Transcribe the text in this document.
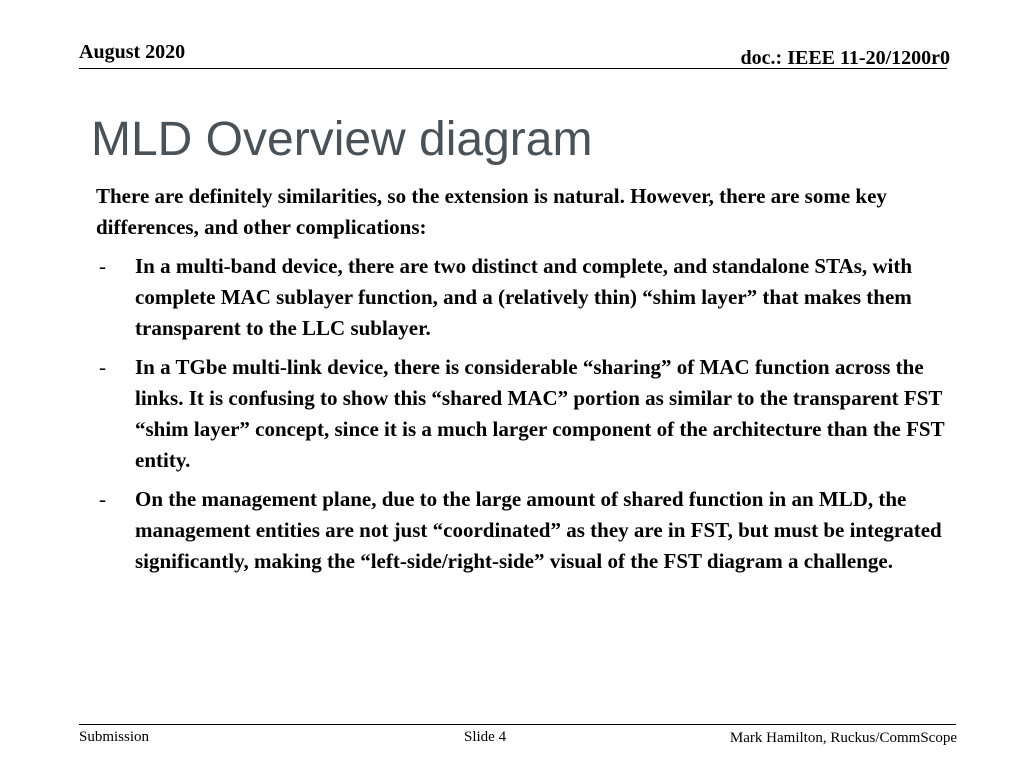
August 2020	doc.: IEEE 11-20/1200r0
MLD Overview diagram

There are definitely similarities, so the extension is natural. However, there are some key differences, and other complications:

- In a multi-band device, there are two distinct and complete, and standalone STAs, with complete MAC sublayer function, and a (relatively thin) “shim layer” that makes them transparent to the LLC sublayer.
- In a TGbe multi-link device, there is considerable “sharing” of MAC function across the links. It is confusing to show this “shared MAC” portion as similar to the transparent FST “shim layer” concept, since it is a much larger component of the architecture than the FST entity.
- On the management plane, due to the large amount of shared function in an MLD, the management entities are not just “coordinated” as they are in FST, but must be integrated significantly, making the “left-side/right-side” visual of the FST diagram a challenge.
Submission	Slide 4	Mark Hamilton, Ruckus/CommScope
